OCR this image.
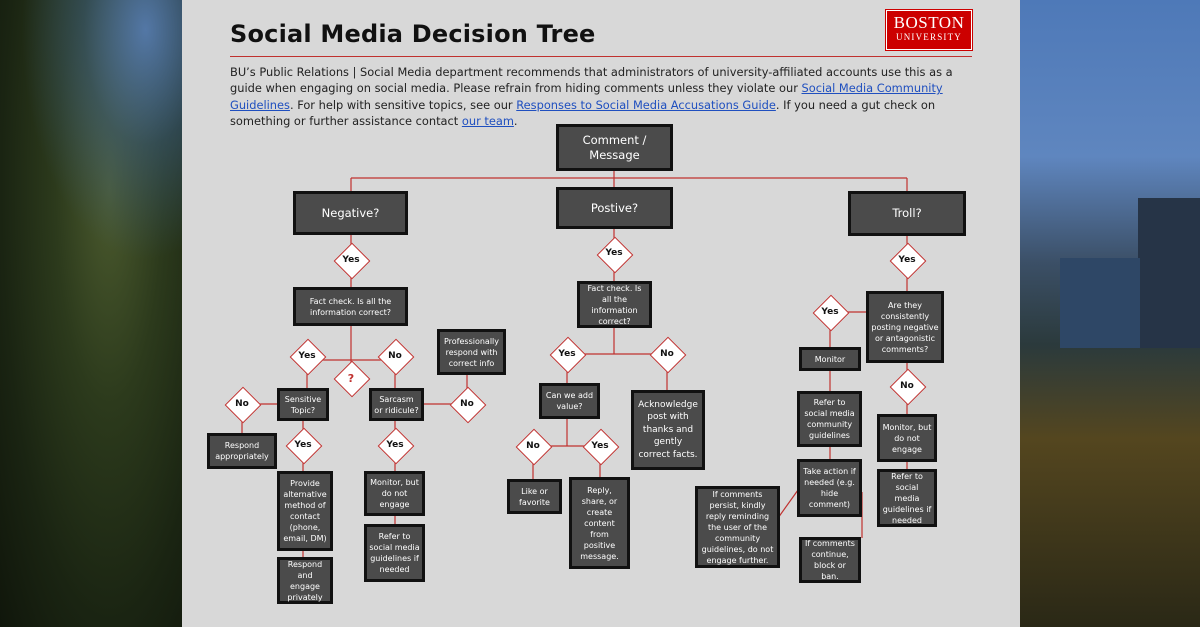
Social Media Decision Tree	BOSTON
UNIVERSITY
BU’s Public Relations | Social Media department recommends that administrators of university-affiliated accounts use this as a guide when engaging on social media. Please refrain from hiding comments unless they violate our Social Media Community Guidelines. For help with sensitive topics, see our Responses to Social Media Accusations Guide. If you need a gut check on something or further assistance contact our team.
Comment / Message
Negative?	Postive?	Troll?
Yes
Fact check. Is all the information correct?
Professionally respond with correct info
Yes	No
?
No	Sensitive Topic?
Sarcasm or ridicule?
No
Respond appropriately
Yes	Yes
Provide alternative method of contact (phone, email, DM)
Monitor, but do not engage
Respond and engage privately
Refer to social media guidelines if needed
Yes
Fact check. Is all the information correct?
Yes	No
Can we add value?	Acknowledge post with thanks and gently correct facts.
No	Yes
Like or favorite
Reply, share, or create content from positive message.
Yes
Yes
Are they consistently posting negative or antagonistic comments?
Monitor
No
Refer to social media community guidelines
Monitor, but do not engage
Take action if needed (e.g. hide comment)
Refer to social media guidelines if needed
If comments persist, kindly reply reminding the user of the community guidelines, do not engage further.
If comments continue, block or ban.
